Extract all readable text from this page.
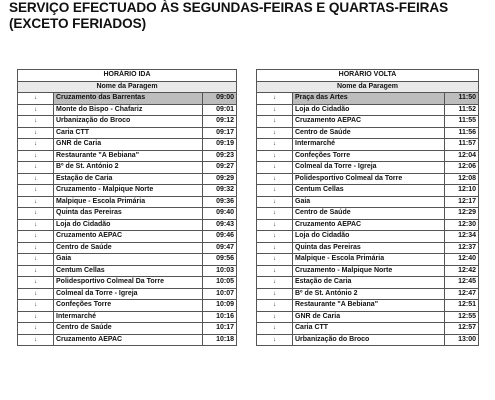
SERVIÇO EFECTUADO ÀS SEGUNDAS-FEIRAS E QUARTAS-FEIRAS
(EXCETO FERIADOS)
HORÁRIO IDA		
Nome da Paragem		
↓	Cruzamento das Barrentas	09:00
↓	Monte do Bispo - Chafariz	09:01
↓	Urbanização do Broco	09:12
↓	Caria CTT	09:17
↓	GNR de Caria	09:19
↓	Restaurante "A Bebiana"	09:23
↓	Bº de St. António 2	09:27
↓	Estação de Caria	09:29
↓	Cruzamento - Malpique Norte	09:32
↓	Malpique - Escola Primária	09:36
↓	Quinta das Pereiras	09:40
↓	Loja do Cidadão	09:43
↓	Cruzamento AEPAC	09:46
↓	Centro de Saúde	09:47
↓	Gaia	09:56
↓	Centum Cellas	10:03
↓	Polidesportivo Colmeal Da Torre	10:05
↓	Colmeal da Torre - Igreja	10:07
↓	Confeções Torre	10:09
↓	Intermarché	10:16
↓	Centro de Saúde	10:17
↓	Cruzamento AEPAC	10:18
HORÁRIO VOLTA		
Nome da Paragem		
↓	Praça das Artes	11:50
↓	Loja do Cidadão	11:52
↓	Cruzamento AEPAC	11:55
↓	Centro de Saúde	11:56
↓	Intermarché	11:57
↓	Confeções Torre	12:04
↓	Colmeal da Torre - Igreja	12:06
↓	Polidesportivo Colmeal da Torre	12:08
↓	Centum Cellas	12:10
↓	Gaia	12:17
↓	Centro de Saúde	12:29
↓	Cruzamento AEPAC	12:30
↓	Loja do Cidadão	12:34
↓	Quinta das Pereiras	12:37
↓	Malpique - Escola Primária	12:40
↓	Cruzamento - Malpique Norte	12:42
↓	Estação de Caria	12:45
↓	Bº de St. António 2	12:47
↓	Restaurante "A Bebiana"	12:51
↓	GNR de Caria	12:55
↓	Caria CTT	12:57
↓	Urbanização do Broco	13:00
